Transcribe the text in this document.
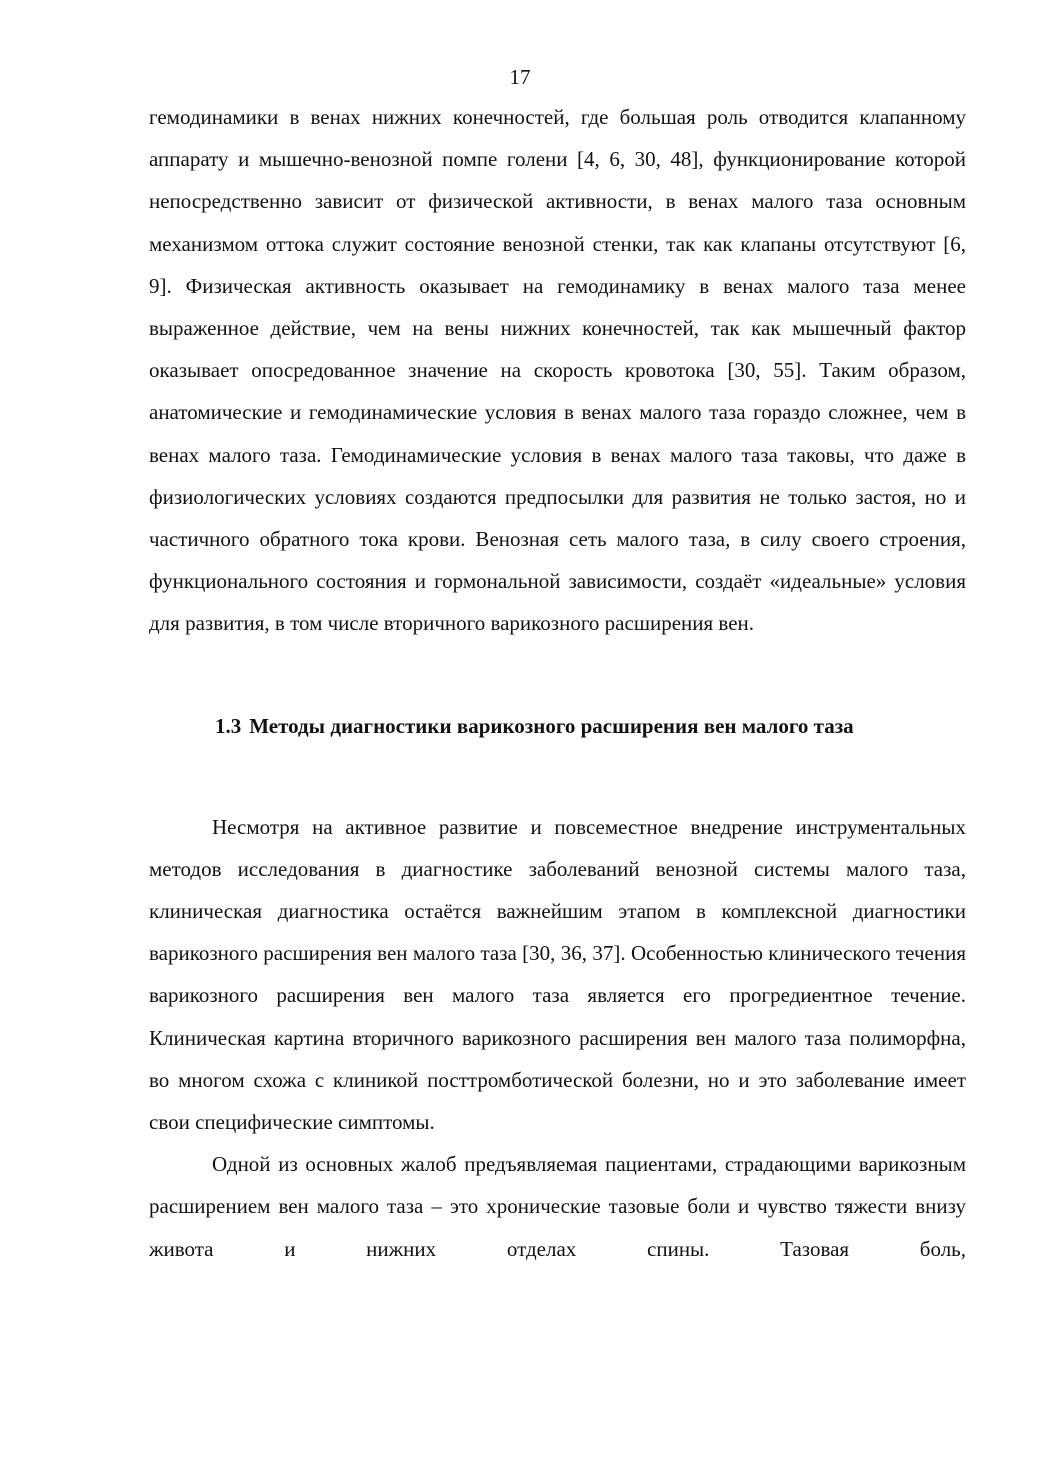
17

гемодинамики в венах нижних конечностей, где большая роль отводится клапанному аппарату и мышечно-венозной помпе голени [4, 6, 30, 48], функционирование которой непосредственно зависит от физической активности, в венах малого таза основным механизмом оттока служит состояние венозной стенки, так как клапаны отсутствуют [6, 9]. Физическая активность оказывает на гемодинамику в венах малого таза менее выраженное действие, чем на вены нижних конечностей, так как мышечный фактор оказывает опосредованное значение на скорость кровотока [30, 55]. Таким образом, анатомические и гемодинамические условия в венах малого таза гораздо сложнее, чем в венах малого таза. Гемодинамические условия в венах малого таза таковы, что даже в физиологических условиях создаются предпосылки для развития не только застоя, но и частичного обратного тока крови. Венозная сеть малого таза, в силу своего строения, функционального состояния и гормональной зависимости, создаёт «идеальные» условия для развития, в том числе вторичного варикозного расширения вен.

1.3 Методы диагностики варикозного расширения вен малого таза

Несмотря на активное развитие и повсеместное внедрение инструментальных методов исследования в диагностике заболеваний венозной системы малого таза, клиническая диагностика остаётся важнейшим этапом в комплексной диагностики варикозного расширения вен малого таза [30, 36, 37]. Особенностью клинического течения варикозного расширения вен малого таза является его прогредиентное течение. Клиническая картина вторичного варикозного расширения вен малого таза полиморфна, во многом схожа с клиникой посттромботической болезни, но и это заболевание имеет свои специфические симптомы.

Одной из основных жалоб предъявляемая пациентами, страдающими варикозным расширением вен малого таза – это хронические тазовые боли и чувство тяжести внизу живота и нижних отделах спины. Тазовая боль,
